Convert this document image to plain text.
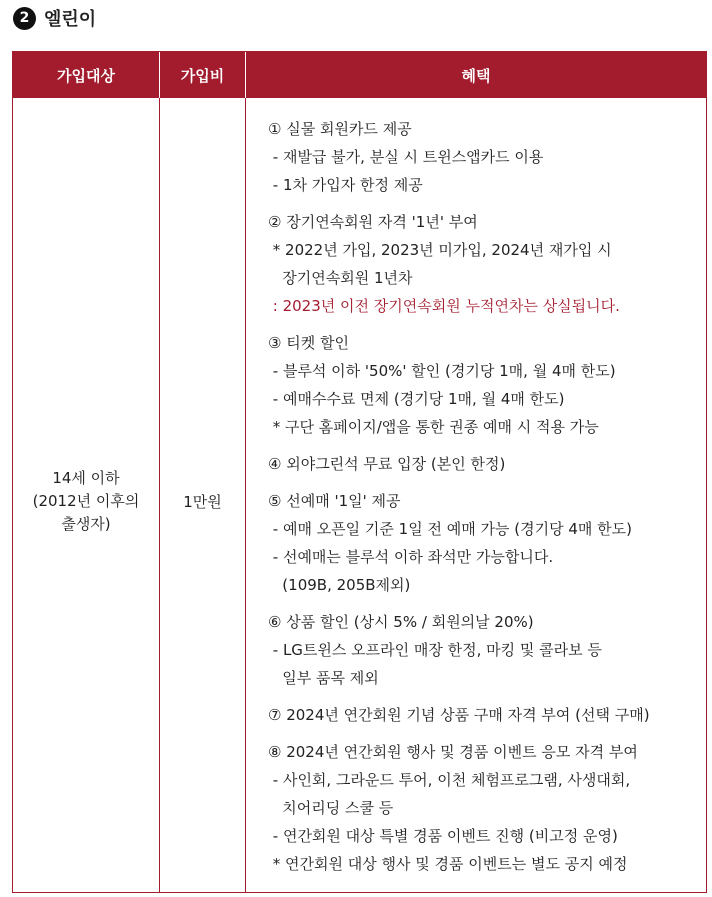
2 엘린이
가입대상	가입비	혜택
14세 이하
(2012년 이후의
출생자)
1만원
① 실물 회원카드 제공
- 재발급 불가, 분실 시 트윈스앱카드 이용
- 1차 가입자 한정 제공
② 장기연속회원 자격 '1년' 부여
* 2022년 가입, 2023년 미가입, 2024년 재가입 시
장기연속회원 1년차
: 2023년 이전 장기연속회원 누적연차는 상실됩니다.
③ 티켓 할인
- 블루석 이하 '50%' 할인 (경기당 1매, 월 4매 한도)
- 예매수수료 면제 (경기당 1매, 월 4매 한도)
* 구단 홈페이지/앱을 통한 권종 예매 시 적용 가능
④ 외야그린석 무료 입장 (본인 한정)
⑤ 선예매 '1일' 제공
- 예매 오픈일 기준 1일 전 예매 가능 (경기당 4매 한도)
- 선예매는 블루석 이하 좌석만 가능합니다.
(109B, 205B제외)
⑥ 상품 할인 (상시 5% / 회원의날 20%)
- LG트윈스 오프라인 매장 한정, 마킹 및 콜라보 등
일부 품목 제외
⑦ 2024년 연간회원 기념 상품 구매 자격 부여 (선택 구매)
⑧ 2024년 연간회원 행사 및 경품 이벤트 응모 자격 부여
- 사인회, 그라운드 투어, 이천 체험프로그램, 사생대회,
치어리딩 스쿨 등
- 연간회원 대상 특별 경품 이벤트 진행 (비고정 운영)
* 연간회원 대상 행사 및 경품 이벤트는 별도 공지 예정
